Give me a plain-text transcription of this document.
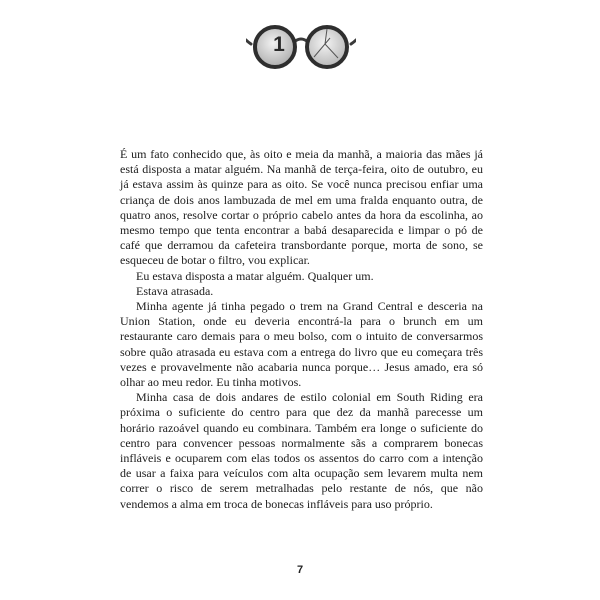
1

É um fato conhecido que, às oito e meia da manhã, a maioria das mães já está disposta a matar alguém. Na manhã de terça-feira, oito de outubro, eu já estava assim às quinze para as oito. Se você nunca precisou enfiar uma criança de dois anos lambuzada de mel em uma fralda enquanto outra, de quatro anos, resolve cortar o próprio cabelo antes da hora da escolinha, ao mesmo tempo que tenta encontrar a babá desaparecida e limpar o pó de café que derramou da cafeteira transbordante porque, morta de sono, se esqueceu de botar o filtro, vou explicar.

Eu estava disposta a matar alguém. Qualquer um.

Estava atrasada.

Minha agente já tinha pegado o trem na Grand Central e desceria na Union Station, onde eu deveria encontrá-la para o brunch em um restaurante caro demais para o meu bolso, com o intuito de conversarmos sobre quão atrasada eu estava com a entrega do livro que eu começara três vezes e provavelmente não acabaria nunca porque… Jesus amado, era só olhar ao meu redor. Eu tinha motivos.

Minha casa de dois andares de estilo colonial em South Riding era próxima o suficiente do centro para que dez da manhã parecesse um horário razoável quando eu combinara. Também era longe o suficiente do centro para convencer pessoas normalmente sãs a comprarem bonecas infláveis e ocuparem com elas todos os assentos do carro com a intenção de usar a faixa para veículos com alta ocupação sem levarem multa nem correr o risco de serem metralhadas pelo restante de nós, que não vendemos a alma em troca de bonecas infláveis para uso próprio.

7
